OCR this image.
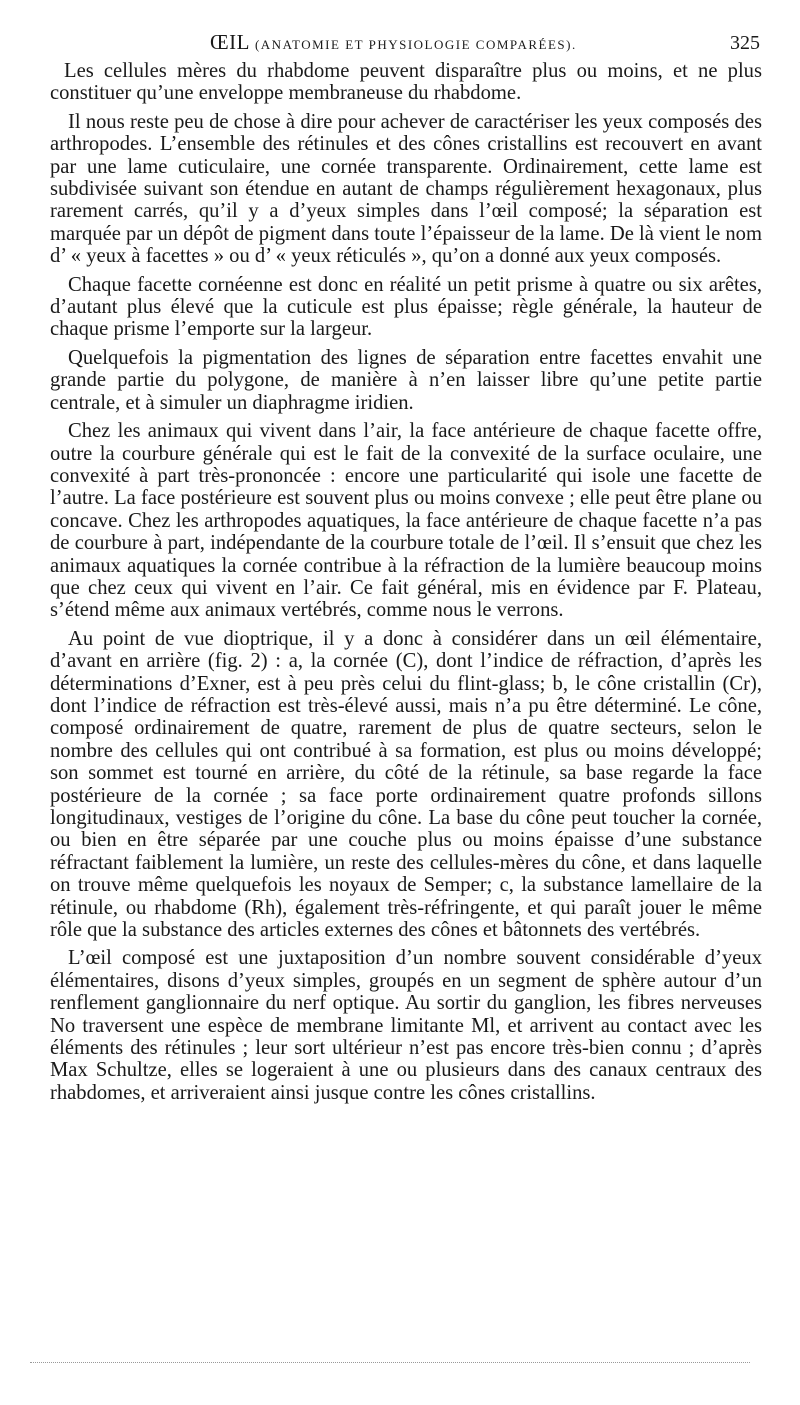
ŒIL (ANATOMIE ET PHYSIOLOGIE COMPARÉES).	325

Les cellules mères du rhabdome peuvent disparaître plus ou moins, et ne plus constituer qu’une enveloppe membraneuse du rhabdome.

Il nous reste peu de chose à dire pour achever de caractériser les yeux composés des arthropodes. L’ensemble des rétinules et des cônes cristallins est recouvert en avant par une lame cuticulaire, une cornée transparente. Ordinairement, cette lame est subdivisée suivant son étendue en autant de champs régulièrement hexagonaux, plus rarement carrés, qu’il y a d’yeux simples dans l’œil composé; la séparation est marquée par un dépôt de pigment dans toute l’épaisseur de la lame. De là vient le nom d’ « yeux à facettes » ou d’ « yeux réticulés », qu’on a donné aux yeux composés.

Chaque facette cornéenne est donc en réalité un petit prisme à quatre ou six arêtes, d’autant plus élevé que la cuticule est plus épaisse; règle générale, la hauteur de chaque prisme l’emporte sur la largeur.

Quelquefois la pigmentation des lignes de séparation entre facettes envahit une grande partie du polygone, de manière à n’en laisser libre qu’une petite partie centrale, et à simuler un diaphragme iridien.

Chez les animaux qui vivent dans l’air, la face antérieure de chaque facette offre, outre la courbure générale qui est le fait de la convexité de la surface oculaire, une convexité à part très-prononcée : encore une particularité qui isole une facette de l’autre. La face postérieure est souvent plus ou moins convexe ; elle peut être plane ou concave. Chez les arthropodes aquatiques, la face antérieure de chaque facette n’a pas de courbure à part, indépendante de la courbure totale de l’œil. Il s’ensuit que chez les animaux aquatiques la cornée contribue à la réfraction de la lumière beaucoup moins que chez ceux qui vivent en l’air. Ce fait général, mis en évidence par F. Plateau, s’étend même aux animaux vertébrés, comme nous le verrons.

Au point de vue dioptrique, il y a donc à considérer dans un œil élémentaire, d’avant en arrière (fig. 2) : a, la cornée (C), dont l’indice de réfraction, d’après les déterminations d’Exner, est à peu près celui du flint-glass; b, le cône cristallin (Cr), dont l’indice de réfraction est très-élevé aussi, mais n’a pu être déterminé. Le cône, composé ordinairement de quatre, rarement de plus de quatre secteurs, selon le nombre des cellules qui ont contribué à sa formation, est plus ou moins développé; son sommet est tourné en arrière, du côté de la rétinule, sa base regarde la face postérieure de la cornée ; sa face porte ordinairement quatre profonds sillons longitudinaux, vestiges de l’origine du cône. La base du cône peut toucher la cornée, ou bien en être séparée par une couche plus ou moins épaisse d’une substance réfractant faiblement la lumière, un reste des cellules-mères du cône, et dans laquelle on trouve même quelquefois les noyaux de Semper; c, la substance lamellaire de la rétinule, ou rhabdome (Rh), également très-réfringente, et qui paraît jouer le même rôle que la substance des articles externes des cônes et bâtonnets des vertébrés.

L’œil composé est une juxtaposition d’un nombre souvent considérable d’yeux élémentaires, disons d’yeux simples, groupés en un segment de sphère autour d’un renflement ganglionnaire du nerf optique. Au sortir du ganglion, les fibres nerveuses No traversent une espèce de membrane limitante Ml, et arrivent au contact avec les éléments des rétinules ; leur sort ultérieur n’est pas encore très-bien connu ; d’après Max Schultze, elles se logeraient à une ou plusieurs dans des canaux centraux des rhabdomes, et arriveraient ainsi jusque contre les cônes cristallins.
